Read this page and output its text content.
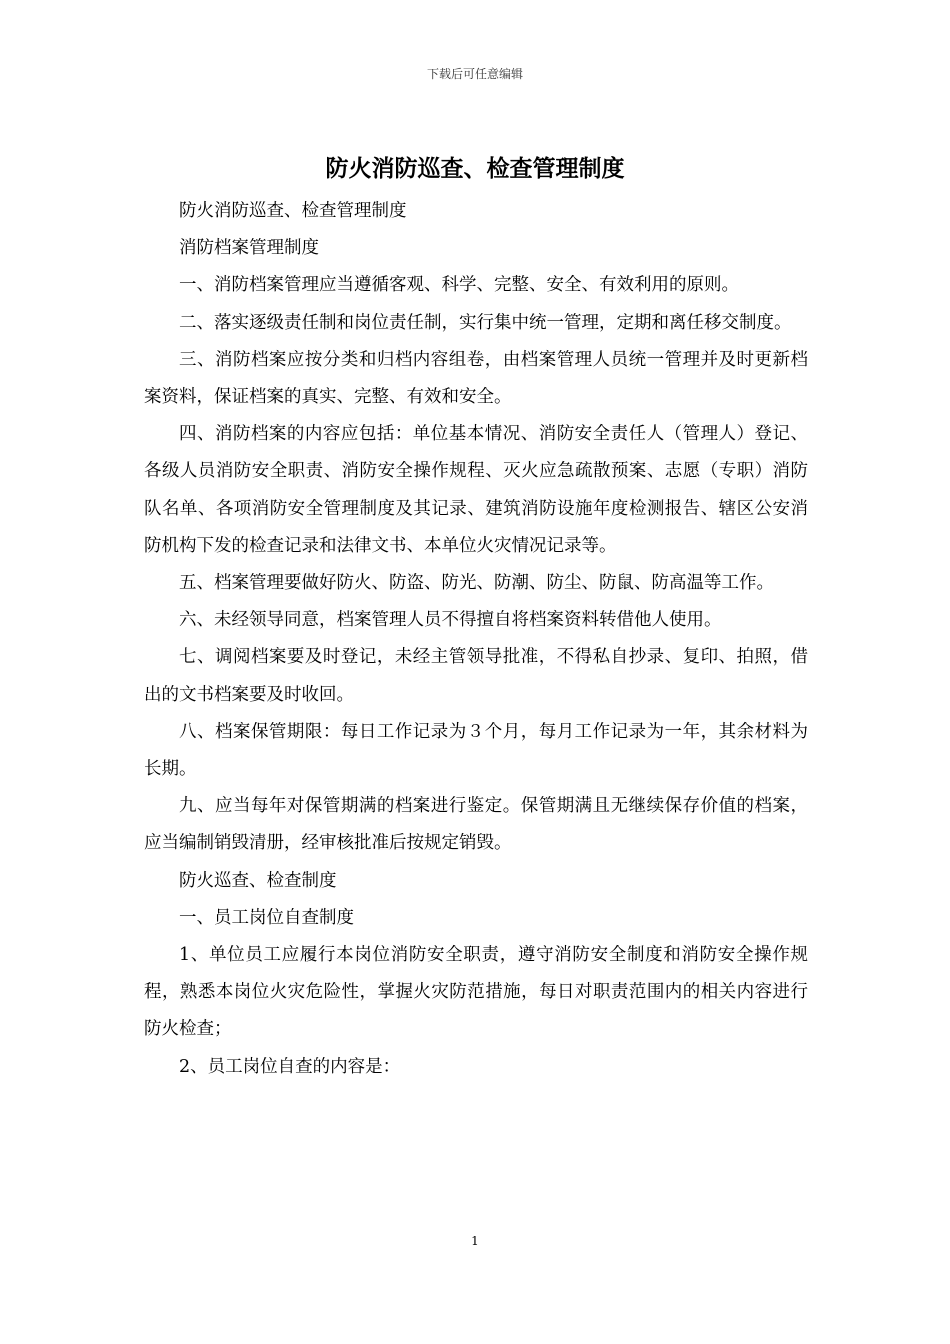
下载后可任意编辑
防火消防巡查、检查管理制度

防火消防巡查、检查管理制度

消防档案管理制度

一、消防档案管理应当遵循客观、科学、完整、安全、有效利用的原则。

二、落实逐级责任制和岗位责任制，实行集中统一管理，定期和离任移交制度。

三、消防档案应按分类和归档内容组卷，由档案管理人员统一管理并及时更新档案资料，保证档案的真实、完整、有效和安全。

四、消防档案的内容应包括：单位基本情况、消防安全责任人（管理人）登记、各级人员消防安全职责、消防安全操作规程、灭火应急疏散预案、志愿（专职）消防队名单、各项消防安全管理制度及其记录、建筑消防设施年度检测报告、辖区公安消防机构下发的检查记录和法律文书、本单位火灾情况记录等。

五、档案管理要做好防火、防盗、防光、防潮、防尘、防鼠、防高温等工作。

六、未经领导同意，档案管理人员不得擅自将档案资料转借他人使用。

七、调阅档案要及时登记，未经主管领导批准，不得私自抄录、复印、拍照，借出的文书档案要及时收回。

八、档案保管期限：每日工作记录为３个月，每月工作记录为一年，其余材料为长期。

九、应当每年对保管期满的档案进行鉴定。保管期满且无继续保存价值的档案，应当编制销毁清册，经审核批准后按规定销毁。

防火巡查、检查制度

一、员工岗位自查制度

1、单位员工应履行本岗位消防安全职责，遵守消防安全制度和消防安全操作规程，熟悉本岗位火灾危险性，掌握火灾防范措施，每日对职责范围内的相关内容进行防火检查；

2、员工岗位自查的内容是：

1
